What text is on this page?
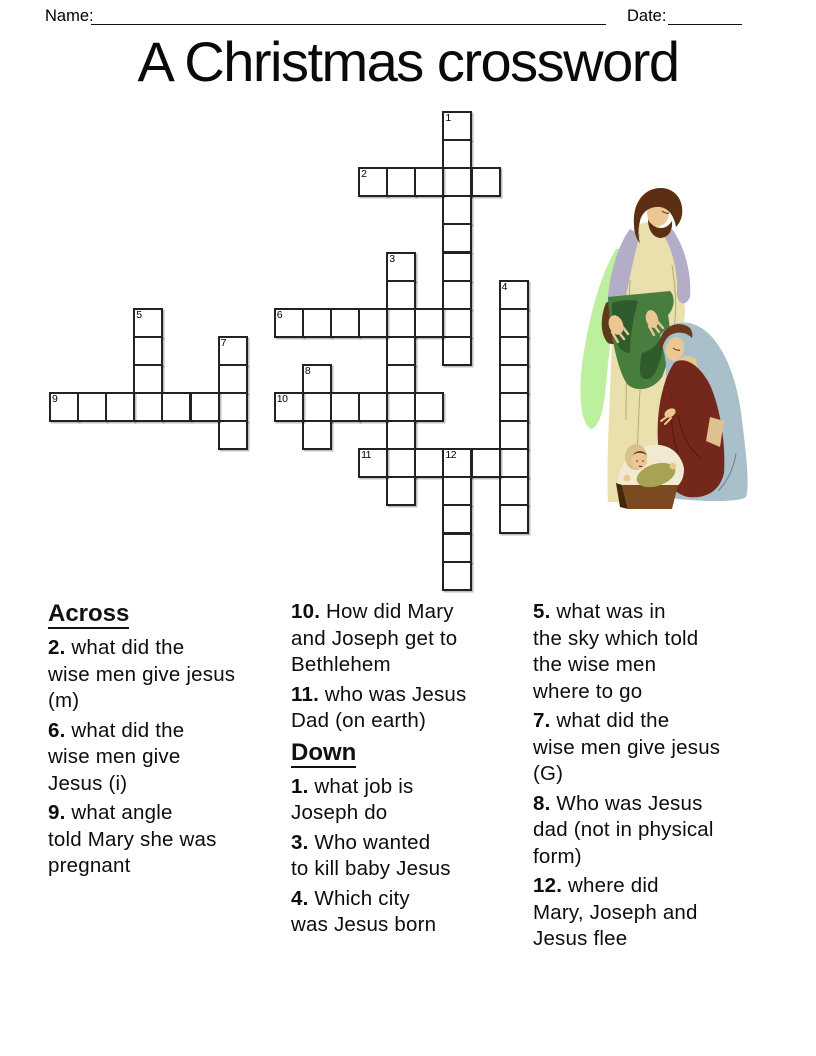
Name:	Date:
A Christmas crossword
1
2
3
4
5	6
7
8
9	10
11	12
Across
2. what did the
wise men give jesus
(m)
6. what did the
wise men give
Jesus (i)
9. what angle
told Mary she was
pregnant
10. How did Mary
and Joseph get to
Bethlehem
11. who was Jesus
Dad (on earth)
Down
1. what job is
Joseph do
3. Who wanted
to kill baby Jesus
4. Which city
was Jesus born
5. what was in
the sky which told
the wise men
where to go
7. what did the
wise men give jesus
(G)
8. Who was Jesus
dad (not in physical
form)
12. where did
Mary, Joseph and
Jesus flee
